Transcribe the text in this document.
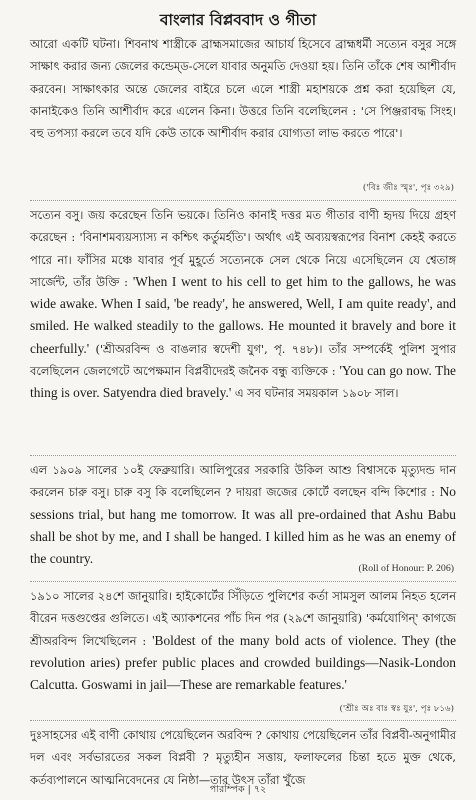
বাংলার বিপ্লববাদ ও গীতা

আরো একটি ঘটনা। শিবনাথ শাস্ত্রীকে ব্রাহ্মসমাজের আচার্য হিসেবে ব্রাহ্মধর্মী সত্যেন বসুর সঙ্গে সাক্ষাৎ করার জন্য জেলের কন্ডেম্ড-সেলে যাবার অনুমতি দেওয়া হয়। তিনি তাঁকে শেষ আশীর্বাদ করবেন। সাক্ষাৎকার অন্তে জেলের বাইরে চলে এলে শাস্ত্রী মহাশয়কে প্রশ্ন করা হয়েছিল যে, কানাইকেও তিনি আশীর্বাদ করে এলেন কিনা। উত্তরে তিনি বলেছিলেন : 'সে পিঞ্জরাবদ্ধ সিংহ। বহু তপস্যা করলে তবে যদি কেউ তাকে আশীর্বাদ করার যোগ্যতা লাভ করতে পারে'।

('বিঃ জীঃ স্মৃঃ', পৃঃ ৩২৯)

সত্যেন বসু। জয় করেছেন তিনি ভয়কে। তিনিও কানাই দত্তর মত গীতার বাণী হৃদয় দিয়ে গ্রহণ করেছেন : 'বিনাশমব্যয়স্যাস্য ন কশ্চিৎ কর্তুমর্হতি'। অর্থাৎ এই অব্যয়স্বরূপের বিনাশ কেহই করতে পারে না। ফাঁসির মঞ্চে যাবার পূর্ব মুহূর্তে সত্যেনকে সেল থেকে নিয়ে এসেছিলেন যে শ্বেতাঙ্গ সার্জেন্ট, তাঁর উক্তি : 'When I went to his cell to get him to the gallows, he was wide awake. When I said, 'be ready', he answered, Well, I am quite ready', and smiled. He walked steadily to the gallows. He mounted it bravely and bore it cheerfully.' ('শ্রীঅরবিন্দ ও বাঙলার স্বদেশী যুগ', পৃ. ৭৪৮)। তাঁর সম্পর্কেই পুলিশ সুপার বলেছিলেন জেলগেটে অপেক্ষমান বিপ্লবীদেরই জনৈক বন্ধু ব্যক্তিকে : 'You can go now. The thing is over. Satyendra died bravely.' এ সব ঘটনার সময়কাল ১৯০৮ সাল।

এল ১৯০৯ সালের ১০ই ফেব্রুয়ারি। আলিপুরের সরকারি উকিল আশু বিশ্বাসকে মৃত্যুদন্ড দান করলেন চারু বসু। চারু বসু কি বলেছিলেন ? দায়রা জজের কোর্টে বলছেন বন্দি কিশোর : No sessions trial, but hang me tomorrow. It was all pre-ordained that Ashu Babu shall be shot by me, and I shall be hanged. I killed him as he was an enemy of the country.

(Roll of Honour: P. 206)

১৯১০ সালের ২৪শে জানুয়ারি। হাইকোর্টের সিঁড়িতে পুলিশের কর্তা সামসুল আলম নিহত হলেন বীরেন দত্তগুপ্তের গুলিতে। এই অ্যাকশনের পাঁচ দিন পর (২৯শে জানুয়ারি) 'কর্মযোগিন্' কাগজে শ্রীঅরবিন্দ লিখেছিলেন : 'Boldest of the many bold acts of violence. They (the revolution aries) prefer public places and crowded buildings—Nasik-London Calcutta. Goswami in jail—These are remarkable features.'

('শ্রীঃ অঃ বাঃ স্বঃ যুঃ', পৃঃ ৮১৬)

দুঃসাহসের এই বাণী কোথায় পেয়েছিলেন অরবিন্দ ? কোথায় পেয়েছিলেন তাঁর বিপ্লবী-অনুগামীর দল এবং সর্বভারতের সকল বিপ্লবী ? মৃত্যুহীন সত্তায়, ফলাফলের চিন্তা হতে মুক্ত থেকে, কর্তব্যপালনে আত্মনিবেদনের যে নিষ্ঠা—তার উৎস তাঁরা খুঁজে

পারম্পিক | ৭২
